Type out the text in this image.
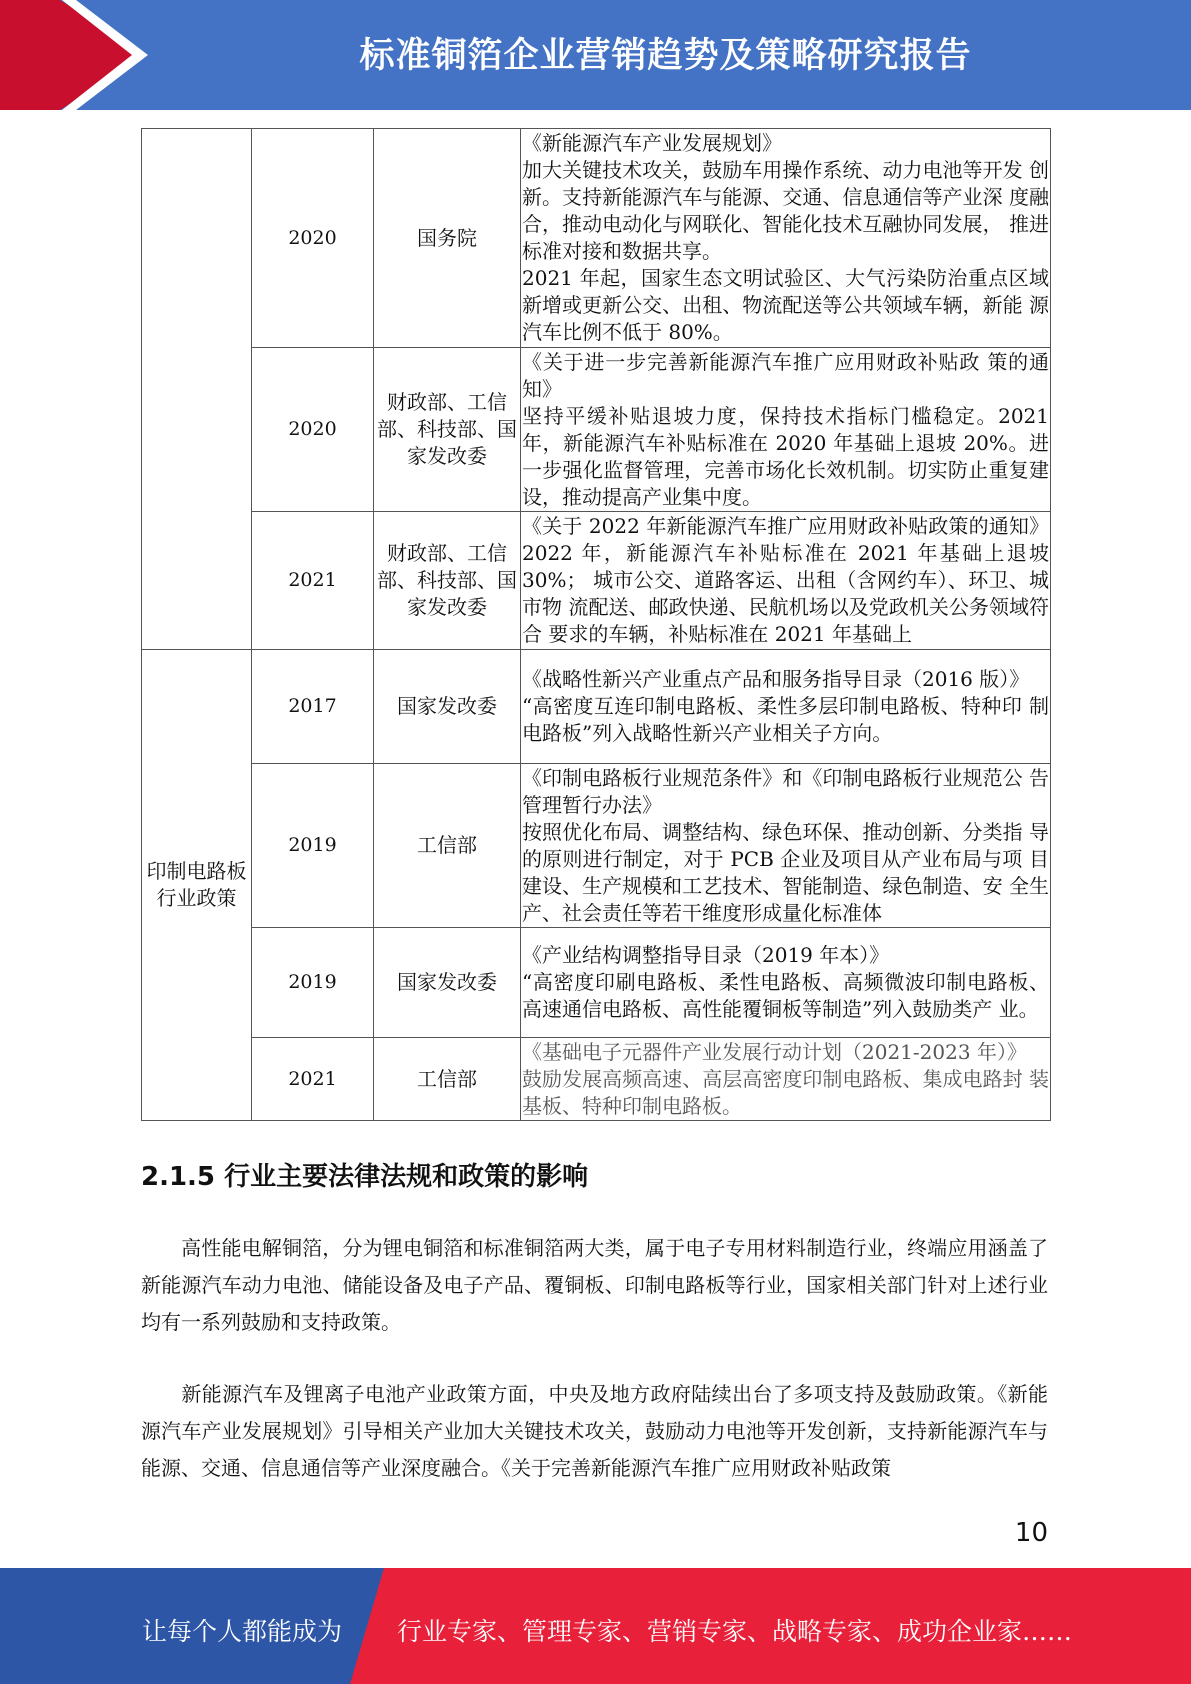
标准铜箔企业营销趋势及策略研究报告
	2020	国务院	《新能源汽车产业发展规划》
加大关键技术攻关，鼓励车用操作系统、动力电池等开发 创新。支持新能源汽车与能源、交通、信息通信等产业深 度融合，推动电动化与网联化、智能化技术互融协同发展， 推进标准对接和数据共享。
2021 年起，国家生态文明试验区、大气污染防治重点区域 新增或更新公交、出租、物流配送等公共领域车辆，新能 源汽车比例不低于 80%。

	2020	财政部、工信部、科技部、国 家发改委	《关于进一步完善新能源汽车推广应用财政补贴政 策的通知》
坚持平缓补贴退坡力度，保持技术指标门槛稳定。2021 年，新能源汽车补贴标准在 2020 年基础上退坡 20%。进一步强化监督管理，完善市场化长效机制。切实防止重复建设，推动提高产业集中度。

	2021	财政部、工信部、科技部、国 家发改委	《关于 2022 年新能源汽车推广应用财政补贴政策的通知》 2022 年，新能源汽车补贴标准在 2021 年基础上退坡 30%； 城市公交、道路客运、出租（含网约车）、环卫、城市物 流配送、邮政快递、民航机场以及党政机关公务领域符合 要求的车辆，补贴标准在 2021 年基础上

印制电路板行业政策	2017	国家发改委	《战略性新兴产业重点产品和服务指导目录（2016 版）》
“高密度互连印制电路板、柔性多层印制电路板、特种印 制电路板”列入战略性新兴产业相关子方向。

	2019	工信部	《印制电路板行业规范条件》和《印制电路板行业规范公 告管理暂行办法》
按照优化布局、调整结构、绿色环保、推动创新、分类指 导的原则进行制定，对于 PCB 企业及项目从产业布局与项 目建设、生产规模和工艺技术、智能制造、绿色制造、安 全生产、社会责任等若干维度形成量化标准体

	2019	国家发改委	《产业结构调整指导目录（2019 年本）》
“高密度印刷电路板、柔性电路板、高频微波印制电路板、 高速通信电路板、高性能覆铜板等制造”列入鼓励类产 业。

	2021	工信部	《基础电子元器件产业发展行动计划（2021-2023 年）》
鼓励发展高频高速、高层高密度印制电路板、集成电路封 装基板、特种印制电路板。
2.1.5 行业主要法律法规和政策的影响
高性能电解铜箔，分为锂电铜箔和标准铜箔两大类，属于电子专用材料制造行业，终端应用涵盖了新能源汽车动力电池、储能设备及电子产品、覆铜板、印制电路板等行业，国家相关部门针对上述行业均有一系列鼓励和支持政策。
新能源汽车及锂离子电池产业政策方面，中央及地方政府陆续出台了多项支持及鼓励政策。《新能源汽车产业发展规划》引导相关产业加大关键技术攻关，鼓励动力电池等开发创新，支持新能源汽车与能源、交通、信息通信等产业深度融合。《关于完善新能源汽车推广应用财政补贴政策
10
让每个人都能成为 行业专家、管理专家、营销专家、战略专家、成功企业家……
